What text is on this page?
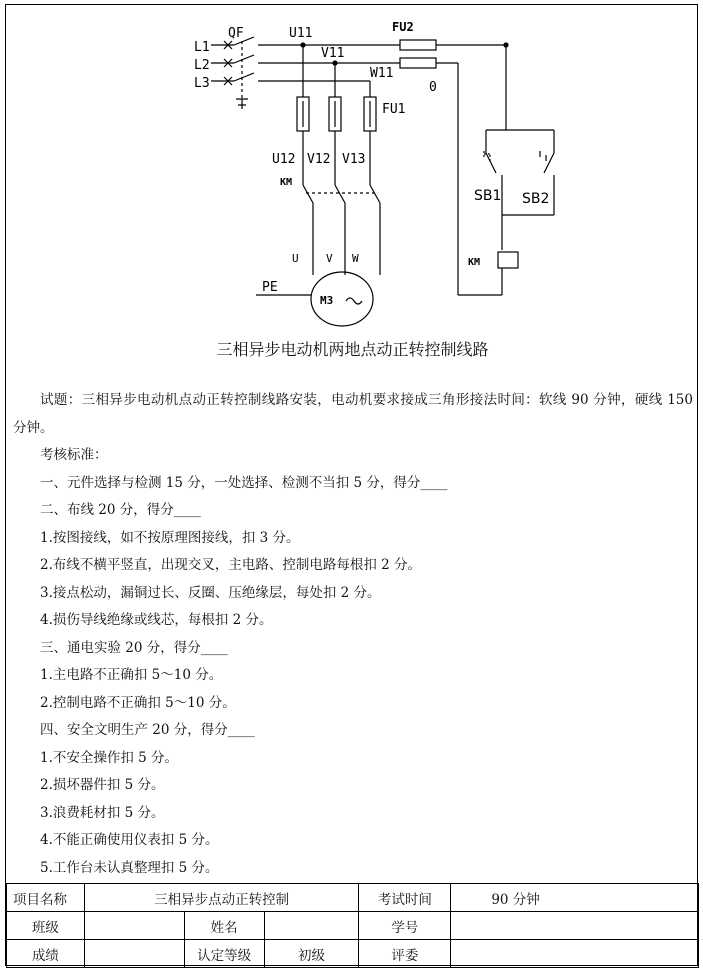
QF
L1
L2
L3
U11
V11
W11
FU2
0
FU1
U12 V12 V13
KM
KM
SB1 SB2
U V W
PE
M3
三相异步电动机两地点动正转控制线路

试题：三相异步电动机点动正转控制线路安装，电动机要求接成三角形接法时间：软线 90 分钟，硬线 150 分钟。

考核标准：

一、元件选择与检测 15 分，一处选择、检测不当扣 5 分，得分____

二、布线 20 分，得分____

1.按图接线，如不按原理图接线，扣 3 分。

2.布线不横平竖直，出现交叉，主电路、控制电路每根扣 2 分。

3.接点松动，漏铜过长、反圈、压绝缘层，每处扣 2 分。

4.损伤导线绝缘或线芯，每根扣 2 分。

三、通电实验 20 分，得分____

1.主电路不正确扣 5～10 分。

2.控制电路不正确扣 5～10 分。

四、安全文明生产 20 分，得分____

1.不安全操作扣 5 分。

2.损坏器件扣 5 分。

3.浪费耗材扣 5 分。

4.不能正确使用仪表扣 5 分。

5.工作台未认真整理扣 5 分。

项目名称	三相异步点动正转控制			考试时间	90 分钟
班级		姓名		学号	
成绩		认定等级	初级	评委	
